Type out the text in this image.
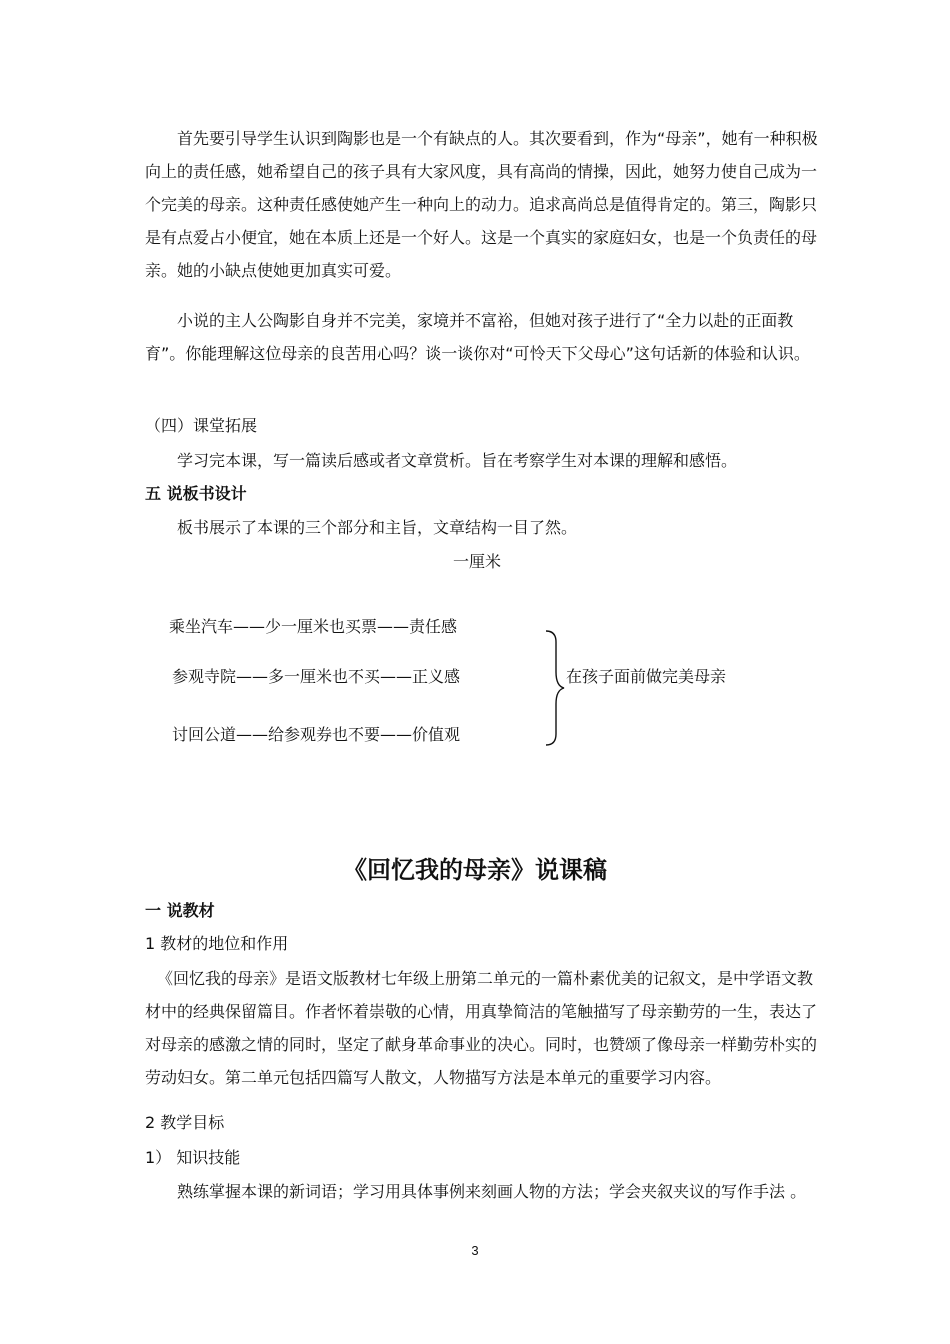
首先要引导学生认识到陶影也是一个有缺点的人。其次要看到，作为“母亲”，她有一种积极向上的责任感，她希望自己的孩子具有大家风度，具有高尚的情操，因此，她努力使自己成为一个完美的母亲。这种责任感使她产生一种向上的动力。追求高尚总是值得肯定的。第三，陶影只是有点爱占小便宜，她在本质上还是一个好人。这是一个真实的家庭妇女，也是一个负责任的母亲。她的小缺点使她更加真实可爱。

小说的主人公陶影自身并不完美，家境并不富裕，但她对孩子进行了“全力以赴的正面教育”。你能理解这位母亲的良苦用心吗？谈一谈你对“可怜天下父母心”这句话新的体验和认识。

（四）课堂拓展

学习完本课，写一篇读后感或者文章赏析。旨在考察学生对本课的理解和感悟。

五 说板书设计

板书展示了本课的三个部分和主旨，文章结构一目了然。

一厘米

乘坐汽车——少一厘米也买票——责任感

参观寺院——多一厘米也不买——正义感

讨回公道——给参观券也不要——价值观

在孩子面前做完美母亲

《回忆我的母亲》说课稿

一 说教材

1 教材的地位和作用

《回忆我的母亲》是语文版教材七年级上册第二单元的一篇朴素优美的记叙文，是中学语文教材中的经典保留篇目。作者怀着崇敬的心情，用真挚简洁的笔触描写了母亲勤劳的一生，表达了对母亲的感激之情的同时，坚定了献身革命事业的决心。同时，也赞颂了像母亲一样勤劳朴实的劳动妇女。第二单元包括四篇写人散文，人物描写方法是本单元的重要学习内容。

2 教学目标

1） 知识技能

熟练掌握本课的新词语；学习用具体事例来刻画人物的方法；学会夹叙夹议的写作手法 。

3
